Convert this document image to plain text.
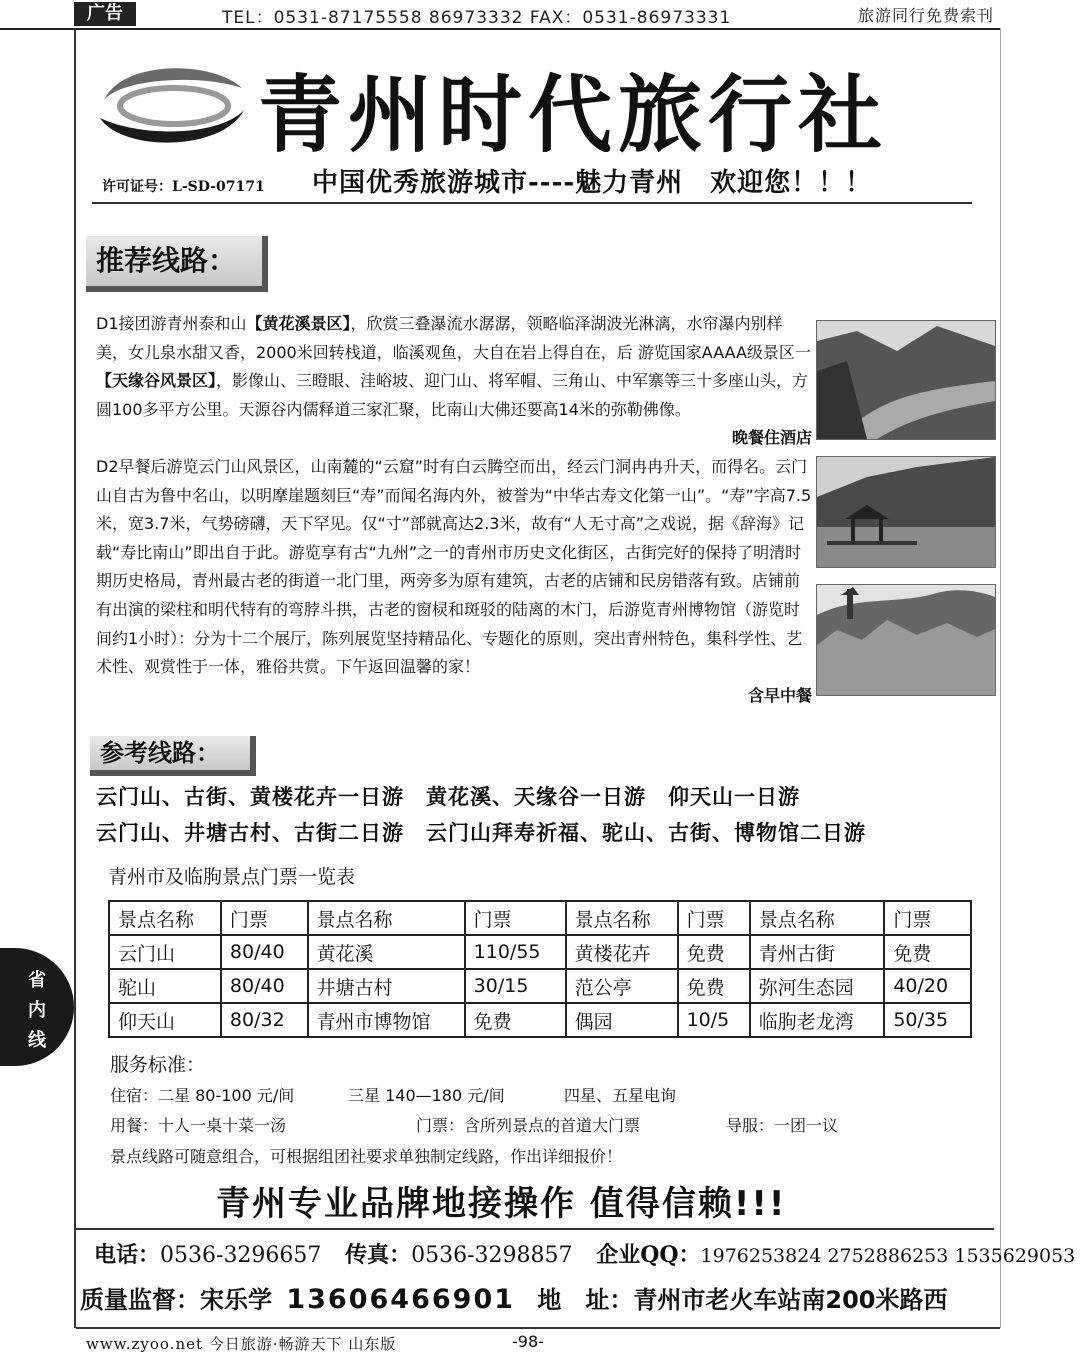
广告	TEL：0531-87175558 86973332 FAX：0531-86973331	旅游同行免费索刊
青州时代旅行社
许可证号：L-SD-07171 中国优秀旅游城市----魅力青州　欢迎您！！！
推荐线路：

D1接团游青州泰和山【黄花溪景区】，欣赏三叠瀑流水潺潺，领略临泽湖波光淋漓，水帘瀑内别样美，女儿泉水甜又香，2000米回转栈道，临溪观鱼，大自在岩上得自在，后 游览国家AAAA级景区一【天缘谷风景区】，影像山、三瞪眼、洼峪坡、迎门山、将军帽、三角山、中军寨等三十多座山头，方圆100多平方公里。天源谷内儒释道三家汇聚，比南山大佛还要高14米的弥勒佛像。

晚餐住酒店

D2早餐后游览云门山风景区，山南麓的“云窟”时有白云腾空而出，经云门洞冉冉升天，而得名。云门山自古为鲁中名山，以明摩崖题刻巨“寿”而闻名海内外，被誉为“中华古寿文化第一山”。“寿”字高7.5米，宽3.7米，气势磅礴，天下罕见。仅“寸”部就高达2.3米，故有“人无寸高”之戏说，据《辞海》记载“寿比南山”即出自于此。游览享有古“九州”之一的青州市历史文化街区，古街完好的保持了明清时期历史格局，青州最古老的街道一北门里，两旁多为原有建筑，古老的店铺和民房错落有致。店铺前有出演的梁柱和明代特有的弯脖斗拱，古老的窗棂和斑驳的陆离的木门，后游览青州博物馆（游览时间约1小时）：分为十二个展厅，陈列展览坚持精品化、专题化的原则，突出青州特色，集科学性、艺术性、观赏性于一体，雅俗共赏。下午返回温馨的家！

含早中餐

参考线路：
云门山、古街、黄楼花卉一日游　黄花溪、天缘谷一日游　仰天山一日游
云门山、井塘古村、古街二日游　云门山拜寿祈福、驼山、古街、博物馆二日游
青州市及临朐景点门票一览表
景点名称	门票	景点名称	门票	景点名称	门票	景点名称	门票
云门山	80/40	黄花溪	110/55	黄楼花卉	免费	青州古街	免费
驼山	80/40	井塘古村	30/15	范公亭	免费	弥河生态园	40/20
仰天山	80/32	青州市博物馆	免费	偶园	10/5	临朐老龙湾	50/35
服务标准：
住宿：二星 80-100 元/间	三星 140—180 元/间	四星、五星电询
用餐：十人一桌十菜一汤	门票：含所列景点的首道大门票	导服：一团一议
景点线路可随意组合，可根据组团社要求单独制定线路，作出详细报价！
青州专业品牌地接操作 值得信赖!!!
电话：0536-3296657 传真：0536-3298857 企业QQ：1976253824 2752886253 1535629053
质量监督：宋乐学 13606466901 地　址：青州市老火车站南200米路西
www.zyoo.net 今日旅游·畅游天下 山东版	-98-
省
内
线
